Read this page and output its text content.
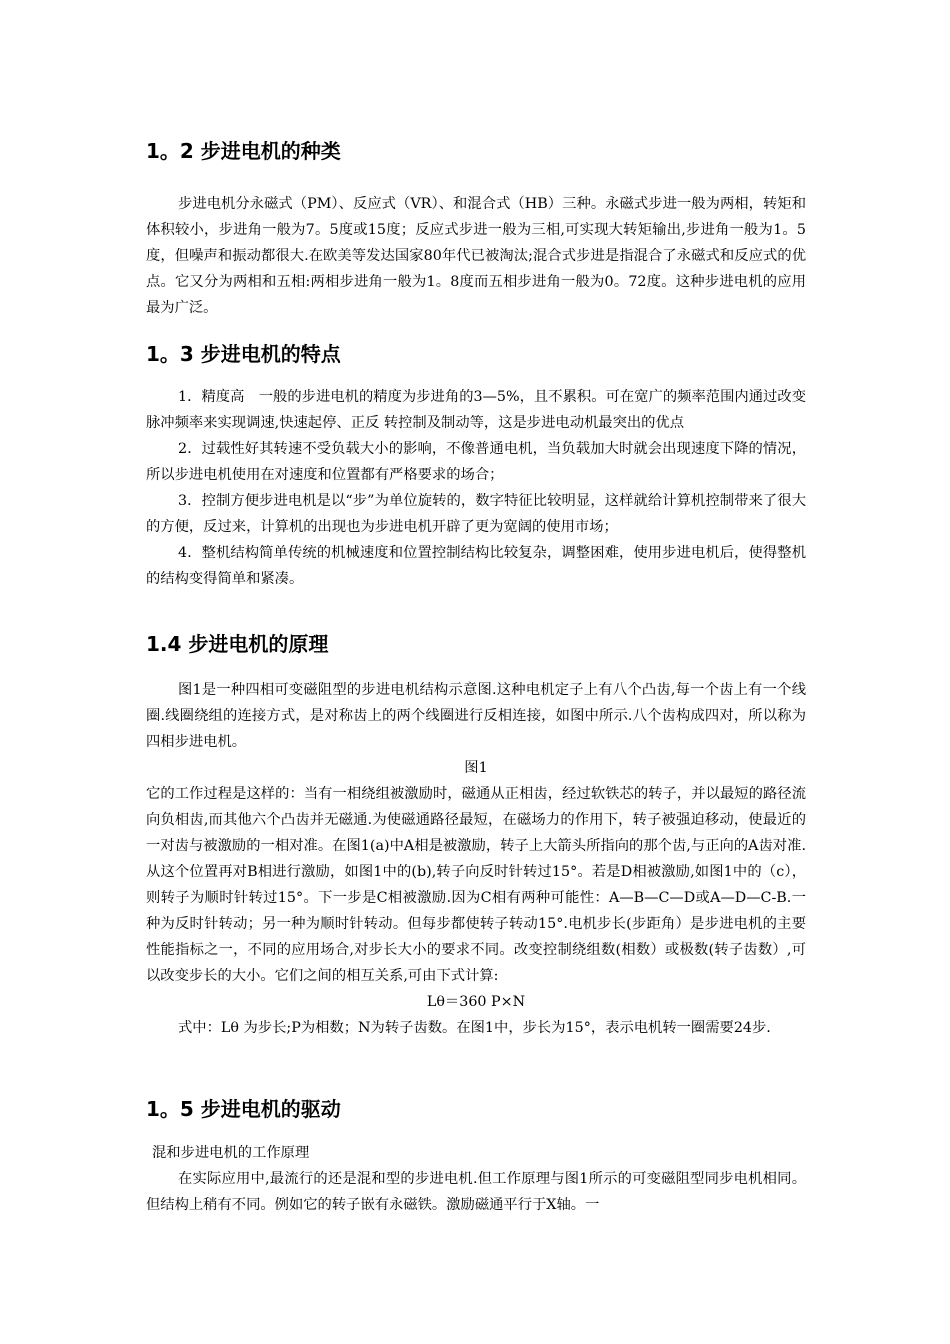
1。2 步进电机的种类

步进电机分永磁式（PM）、反应式（VR）、和混合式（HB）三种。永磁式步进一般为两相，转矩和体积较小，步进角一般为7。5度或15度；反应式步进一般为三相,可实现大转矩输出,步进角一般为1。5度，但噪声和振动都很大.在欧美等发达国家80年代已被淘汰;混合式步进是指混合了永磁式和反应式的优点。它又分为两相和五相:两相步进角一般为1。8度而五相步进角一般为0。72度。这种步进电机的应用最为广泛。

1。3 步进电机的特点

1．精度高　一般的步进电机的精度为步进角的3—5%，且不累积。可在宽广的频率范围内通过改变脉冲频率来实现调速,快速起停、正反 转控制及制动等，这是步进电动机最突出的优点

2．过载性好其转速不受负载大小的影响，不像普通电机，当负载加大时就会出现速度下降的情况，所以步进电机使用在对速度和位置都有严格要求的场合；

3．控制方便步进电机是以“步”为单位旋转的，数字特征比较明显，这样就给计算机控制带来了很大的方便，反过来，计算机的出现也为步进电机开辟了更为宽阔的使用市场；

4．整机结构简单传统的机械速度和位置控制结构比较复杂，调整困难，使用步进电机后，使得整机的结构变得简单和紧凑。

1.4 步进电机的原理

图1是一种四相可变磁阻型的步进电机结构示意图.这种电机定子上有八个凸齿,每一个齿上有一个线圈.线圈绕组的连接方式，是对称齿上的两个线圈进行反相连接，如图中所示.八个齿构成四对，所以称为四相步进电机。

图1

它的工作过程是这样的：当有一相绕组被激励时，磁通从正相齿，经过软铁芯的转子，并以最短的路径流向负相齿,而其他六个凸齿并无磁通.为使磁通路径最短，在磁场力的作用下，转子被强迫移动，使最近的一对齿与被激励的一相对准。在图1(a)中A相是被激励，转子上大箭头所指向的那个齿,与正向的A齿对准.从这个位置再对B相进行激励，如图1中的(b),转子向反时针转过15°。若是D相被激励,如图1中的（c），则转子为顺时针转过15°。下一步是C相被激励.因为C相有两种可能性：A—B—C—D或A—D—C-B.一种为反时针转动；另一种为顺时针转动。但每步都使转子转动15°.电机步长(步距角）是步进电机的主要性能指标之一，不同的应用场合,对步长大小的要求不同。改变控制绕组数(相数）或极数(转子齿数）,可以改变步长的大小。它们之间的相互关系,可由下式计算:

Lθ＝360 P×N

式中：Lθ 为步长;P为相数；N为转子齿数。在图1中，步长为15°，表示电机转一圈需要24步.

1。5 步进电机的驱动

混和步进电机的工作原理

在实际应用中,最流行的还是混和型的步进电机.但工作原理与图1所示的可变磁阻型同步电机相同。但结构上稍有不同。例如它的转子嵌有永磁铁。激励磁通平行于X轴。一
